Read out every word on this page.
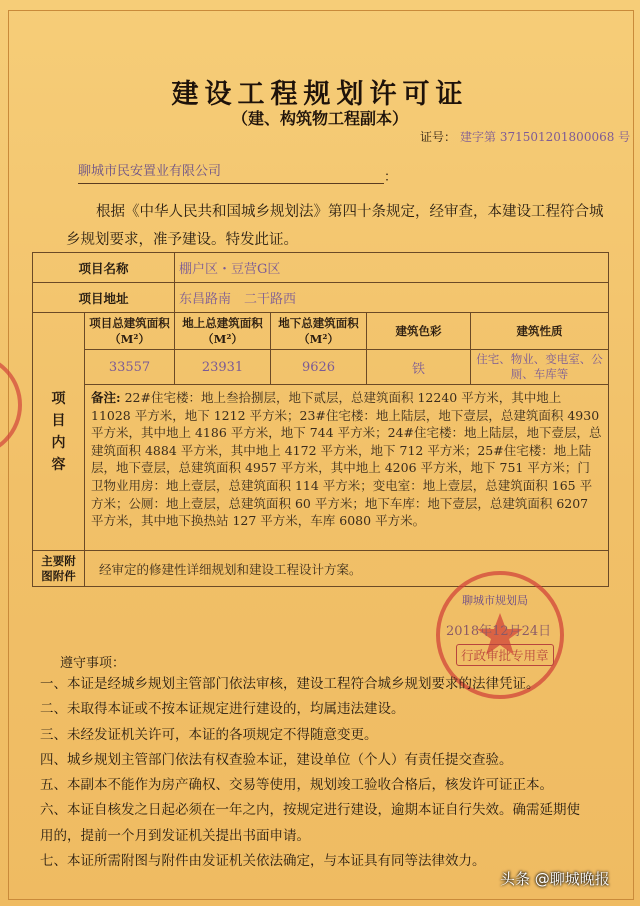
建设工程规划许可证
（建、构筑物工程副本）
证号： 建字第 371501201800068 号
聊城市民安置业有限公司	：
根据《中华人民共和国城乡规划法》第四十条规定，经审查，本建设工程符合城乡规划要求，准予建设。特发此证。
项目名称		棚户区・豆营G区			
项目地址		东昌路南　二干路西			

项目内容	项目总建筑面积（M²）	地上总建筑面积（M²）	地下总建筑面积（M²）	建筑色彩	建筑性质
	33557	23931	9626	铁	住宅、物业、变电室、公厕、车库等
	备注: 22#住宅楼：地上叁拾捌层，地下贰层，总建筑面积 12240 平方米，其中地上 11028 平方米，地下 1212 平方米；23#住宅楼：地上陆层，地下壹层，总建筑面积 4930 平方米，其中地上 4186 平方米，地下 744 平方米；24#住宅楼：地上陆层，地下壹层，总建筑面积 4884 平方米，其中地上 4172 平方米，地下 712 平方米；25#住宅楼：地上陆层，地下壹层，总建筑面积 4957 平方米，其中地上 4206 平方米，地下 751 平方米；门卫物业用房：地上壹层，总建筑面积 114 平方米；变电室：地上壹层，总建筑面积 165 平方米；公厕：地上壹层，总建筑面积 60 平方米；地下车库：地下壹层，总建筑面积 6207 平方米，其中地下换热站 127 平方米，车库 6080 平方米。				
主要附图附件	经审定的修建性详细规划和建设工程设计方案。				
2018年12月24日
聊城市规划局
行政审批专用章
遵守事项：
一、本证是经城乡规划主管部门依法审核，建设工程符合城乡规划要求的法律凭证。
二、未取得本证或不按本证规定进行建设的，均属违法建设。
三、未经发证机关许可，本证的各项规定不得随意变更。
四、城乡规划主管部门依法有权查验本证，建设单位（个人）有责任提交查验。
五、本副本不能作为房产确权、交易等使用，规划竣工验收合格后，核发许可证正本。
六、本证自核发之日起必须在一年之内，按规定进行建设，逾期本证自行失效。确需延期使
用的，提前一个月到发证机关提出书面申请。
七、本证所需附图与附件由发证机关依法确定，与本证具有同等法律效力。
头条 @聊城晚报
